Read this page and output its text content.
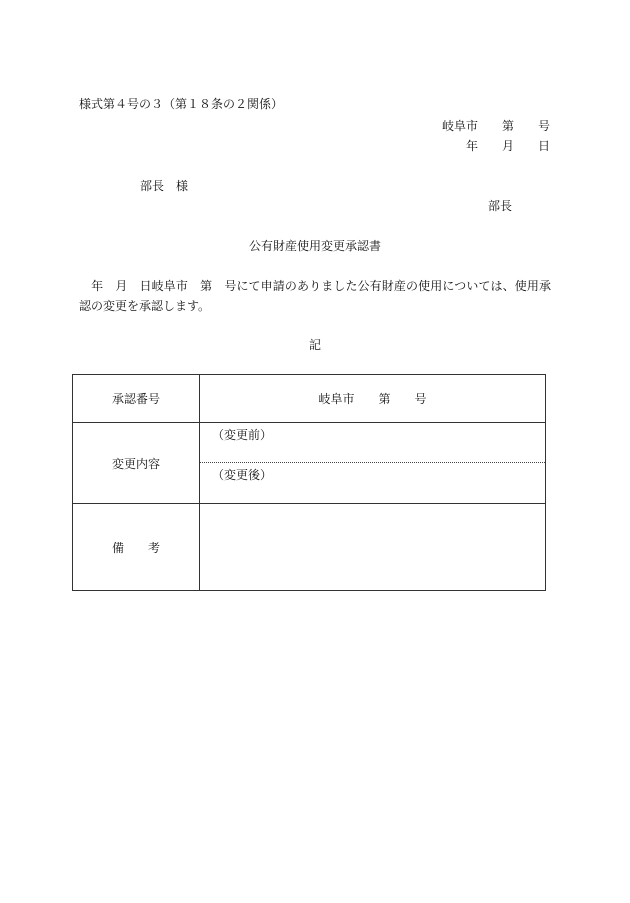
様式第４号の３（第１８条の２関係）
岐阜市　　第　　号
年　　月　　日
部長　様
部長
公有財産使用変更承認書
　年　月　日岐阜市　第　号にて申請のありました公有財産の使用については、使用承認の変更を承認します。
記
承認番号	岐阜市　　第　　号
変更内容	（変更前）
（変更後）

備　　考	
